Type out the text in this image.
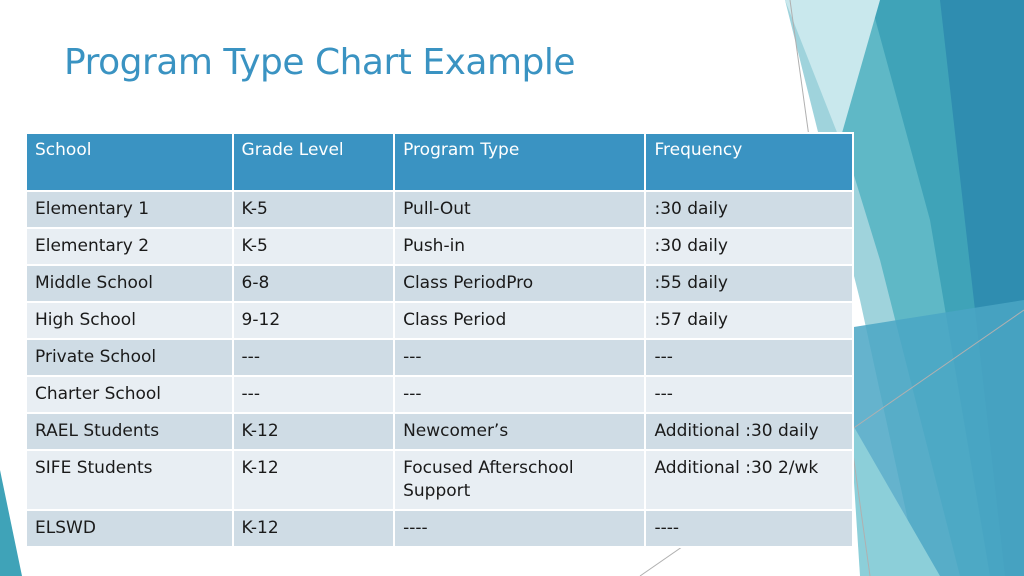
Program Type Chart Example
School	Grade Level	Program Type	Frequency
Elementary 1	K-5	Pull-Out	:30 daily
Elementary 2	K-5	Push-in	:30 daily
Middle School	6-8	Class PeriodPro	:55 daily
High School	9-12	Class Period	:57 daily
Private School	---	---	---
Charter School	---	---	---
RAEL Students	K-12	Newcomer’s	Additional :30 daily
SIFE Students	K-12	Focused Afterschool Support	Additional :30 2/wk
ELSWD	K-12	----	----
